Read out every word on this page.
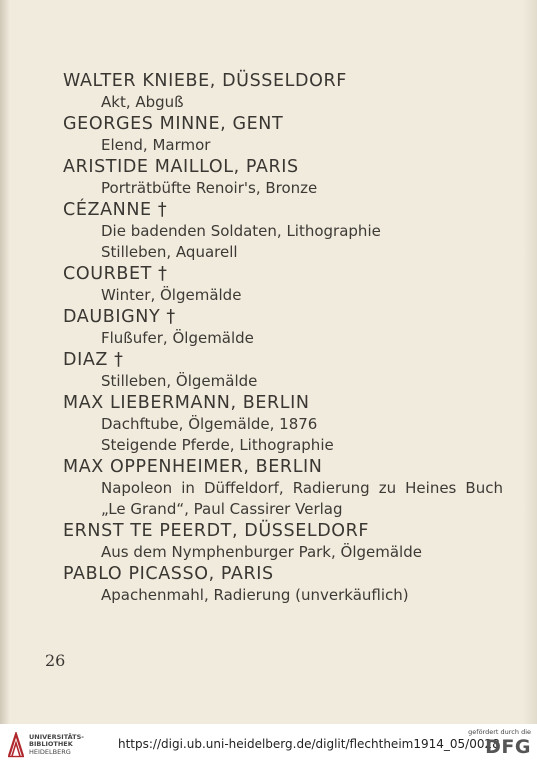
WALTER KNIEBE, DÜSSELDORF
Akt, Abguß
GEORGES MINNE, GENT
Elend, Marmor
ARISTIDE MAILLOL, PARIS
Porträtbüfte Renoir's, Bronze
CÉZANNE †
Die badenden Soldaten, Lithographie
Stilleben, Aquarell
COURBET †
Winter, Ölgemälde
DAUBIGNY †
Flußufer, Ölgemälde
DIAZ †
Stilleben, Ölgemälde
MAX LIEBERMANN, BERLIN
Dachftube, Ölgemälde, 1876
Steigende Pferde, Lithographie
MAX OPPENHEIMER, BERLIN
Napoleon in Düffeldorf, Radierung zu Heines Buch „Le Grand“, Paul Cassirer Verlag
ERNST TE PEERDT, DÜSSELDORF
Aus dem Nymphenburger Park, Ölgemälde
PABLO PICASSO, PARIS
Apachenmahl, Radierung (unverkäuflich)
26
UNIVERSITÄTS-
BIBLIOTHEK
HEIDELBERG
https://digi.ub.uni-heidelberg.de/diglit/flechtheim1914_05/0028
gefördert durch die
DFG
